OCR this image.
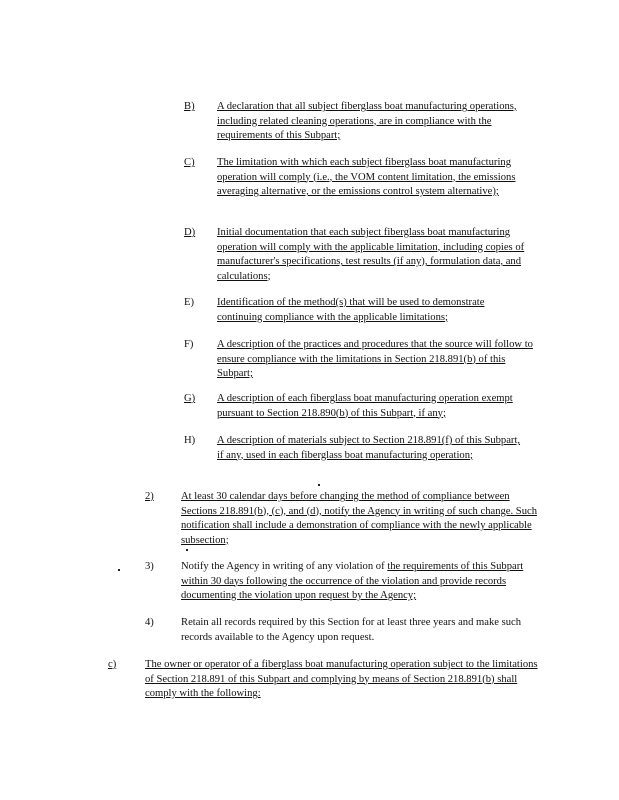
B) A declaration that all subject fiberglass boat manufacturing operations, including related cleaning operations, are in compliance with the requirements of this Subpart;
C) The limitation with which each subject fiberglass boat manufacturing operation will comply (i.e., the VOM content limitation, the emissions averaging alternative, or the emissions control system alternative);
D) Initial documentation that each subject fiberglass boat manufacturing operation will comply with the applicable limitation, including copies of manufacturer's specifications, test results (if any), formulation data, and calculations;
E) Identification of the method(s) that will be used to demonstrate continuing compliance with the applicable limitations;
F) A description of the practices and procedures that the source will follow to ensure compliance with the limitations in Section 218.891(b) of this Subpart;
G) A description of each fiberglass boat manufacturing operation exempt pursuant to Section 218.890(b) of this Subpart, if any;
H) A description of materials subject to Section 218.891(f) of this Subpart, if any, used in each fiberglass boat manufacturing operation;
2)	At least 30 calendar days before changing the method of compliance between Sections 218.891(b), (c), and (d), notify the Agency in writing of such change. Such notification shall include a demonstration of compliance with the newly applicable subsection;
3)	Notify the Agency in writing of any violation of the requirements of this Subpart within 30 days following the occurrence of the violation and provide records documenting the violation upon request by the Agency;
4)	Retain all records required by this Section for at least three years and make such records available to the Agency upon request.
c)	The owner or operator of a fiberglass boat manufacturing operation subject to the limitations of Section 218.891 of this Subpart and complying by means of Section 218.891(b) shall comply with the following:
